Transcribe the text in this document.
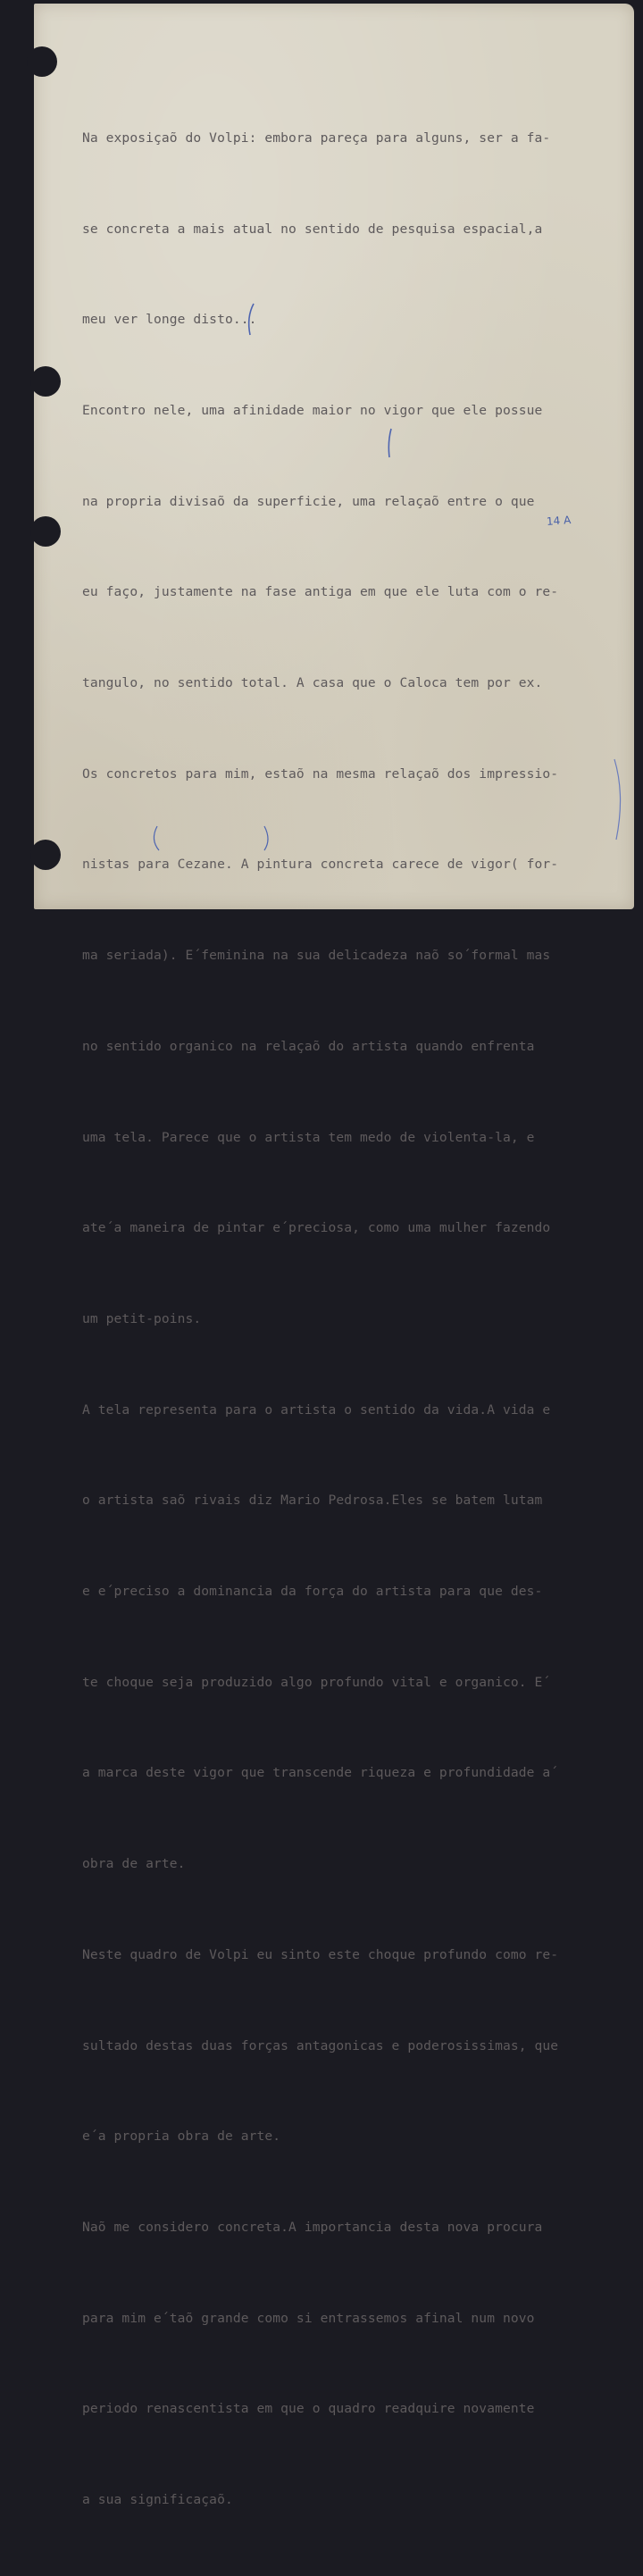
Na exposiçaõ do Volpi: embora pareça para alguns, ser a fa-

se concreta a mais atual no sentido de pesquisa espacial,a

meu ver longe disto...

Encontro nele, uma afinidade maior no vigor que ele possue

na propria divisaõ da superficie, uma relaçaõ entre o que

eu faço, justamente na fase antiga em que ele luta com o re-

tangulo, no sentido total. A casa que o Caloca tem por ex.

Os concretos para mim, estaõ na mesma relaçaõ dos impressio-

nistas para Cezane. A pintura concreta carece de vigor( for-

ma seriada). E´feminina na sua delicadeza naõ so´formal mas

no sentido organico na relaçaõ do artista quando enfrenta

uma tela. Parece que o artista tem medo de violenta-la, e

ate´a maneira de pintar e´preciosa, como uma mulher fazendo

um petit-poins.

A tela representa para o artista o sentido da vida.A vida e

o artista saõ rivais diz Mario Pedrosa.Eles se batem lutam

e e´preciso a dominancia da força do artista para que des-

te choque seja produzido algo profundo vital e organico. E´

a marca deste vigor que transcende riqueza e profundidade a´

obra de arte.

Neste quadro de Volpi eu sinto este choque profundo como re-

sultado destas duas forças antagonicas e poderosissimas, que

e´a propria obra de arte.

Naõ me considero concreta.A importancia desta nova procura

para mim e´taõ grande como si entrassemos afinal num novo

periodo renascentista em que o quadro readquire novamente

a sua significaçaõ.

14 A
